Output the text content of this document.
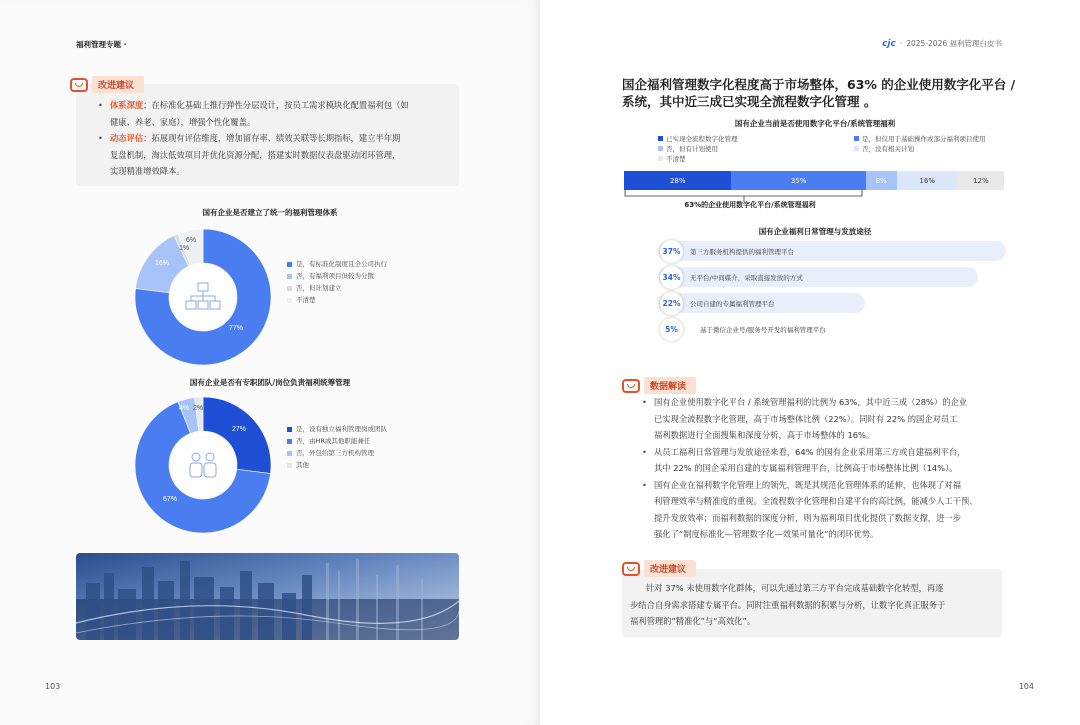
福利管理专题 ·
改进建议
• 体系深度：在标准化基础上推行弹性分层设计，按员工需求模块化配置福利包（如
健康、养老、家庭），增强个性化覆盖。
• 动态评估：拓展现有评估维度，增加留存率、绩效关联等长期指标，建立半年期
复盘机制，淘汰低效项目并优化资源分配，搭建实时数据仪表盘驱动闭环管理，
实现精准增效降本。
国有企业是否建立了统一的福利管理体系
77%
16%
1%
6%
是，有标准化制度且全公司执行
否，有福利项目但较为分散
否，但计划建立
不清楚
国有企业是否有专职团队/岗位负责福利统筹管理
27%
67%
4% 2%
是，设有独立福利管理岗或团队
否，由HR或其他职能兼任
否，外包给第三方机构管理
其他
103
cjc · 2025-2026 福利管理白皮书
国企福利管理数字化程度高于市场整体，63% 的企业使用数字化平台 /
系统，其中近三成已实现全流程数字化管理 。
国有企业当前是否使用数字化平台/系统管理福利
已实现全流程数字化管理	是，但仅用于基础操作或部分福利项目使用
否，但有计划使用	否，没有相关计划
不清楚
28%	35%	8%	16%	12%
63%的企业使用数字化平台/系统管理福利
国有企业福利日常管理与发放途径
37%	第三方服务机构提供的福利管理平台
34%	无平台/中间媒介，采取直接发放的方式
22%	公司自建的专属福利管理平台
5%	基于微信企业号/服务号开发的福利管理平台
数据解读
• 国有企业使用数字化平台 / 系统管理福利的比例为 63%，其中近三成（28%）的企业
已实现全流程数字化管理，高于市场整体比例（22%）。同时有 22% 的国企对员工
福利数据进行全面搜集和深度分析，高于市场整体的 16%。
• 从员工福利日常管理与发放途径来看，64% 的国有企业采用第三方或自建福利平台，
其中 22% 的国企采用自建的专属福利管理平台，比例高于市场整体比例（14%）。
• 国有企业在福利数字化管理上的领先，既是其规范化管理体系的延伸，也体现了对福
利管理效率与精准度的重视。全流程数字化管理和自建平台的高比例，能减少人工干预、
提升发放效率；而福利数据的深度分析，则为福利项目优化提供了数据支撑，进一步
强化了“制度标准化—管理数字化—效果可量化”的闭环优势。
改进建议
针对 37% 未使用数字化群体，可以先通过第三方平台完成基础数字化转型，再逐
步结合自身需求搭建专属平台。同时注重福利数据的积累与分析，让数字化真正服务于
福利管理的“精准化”与“高效化”。
104
